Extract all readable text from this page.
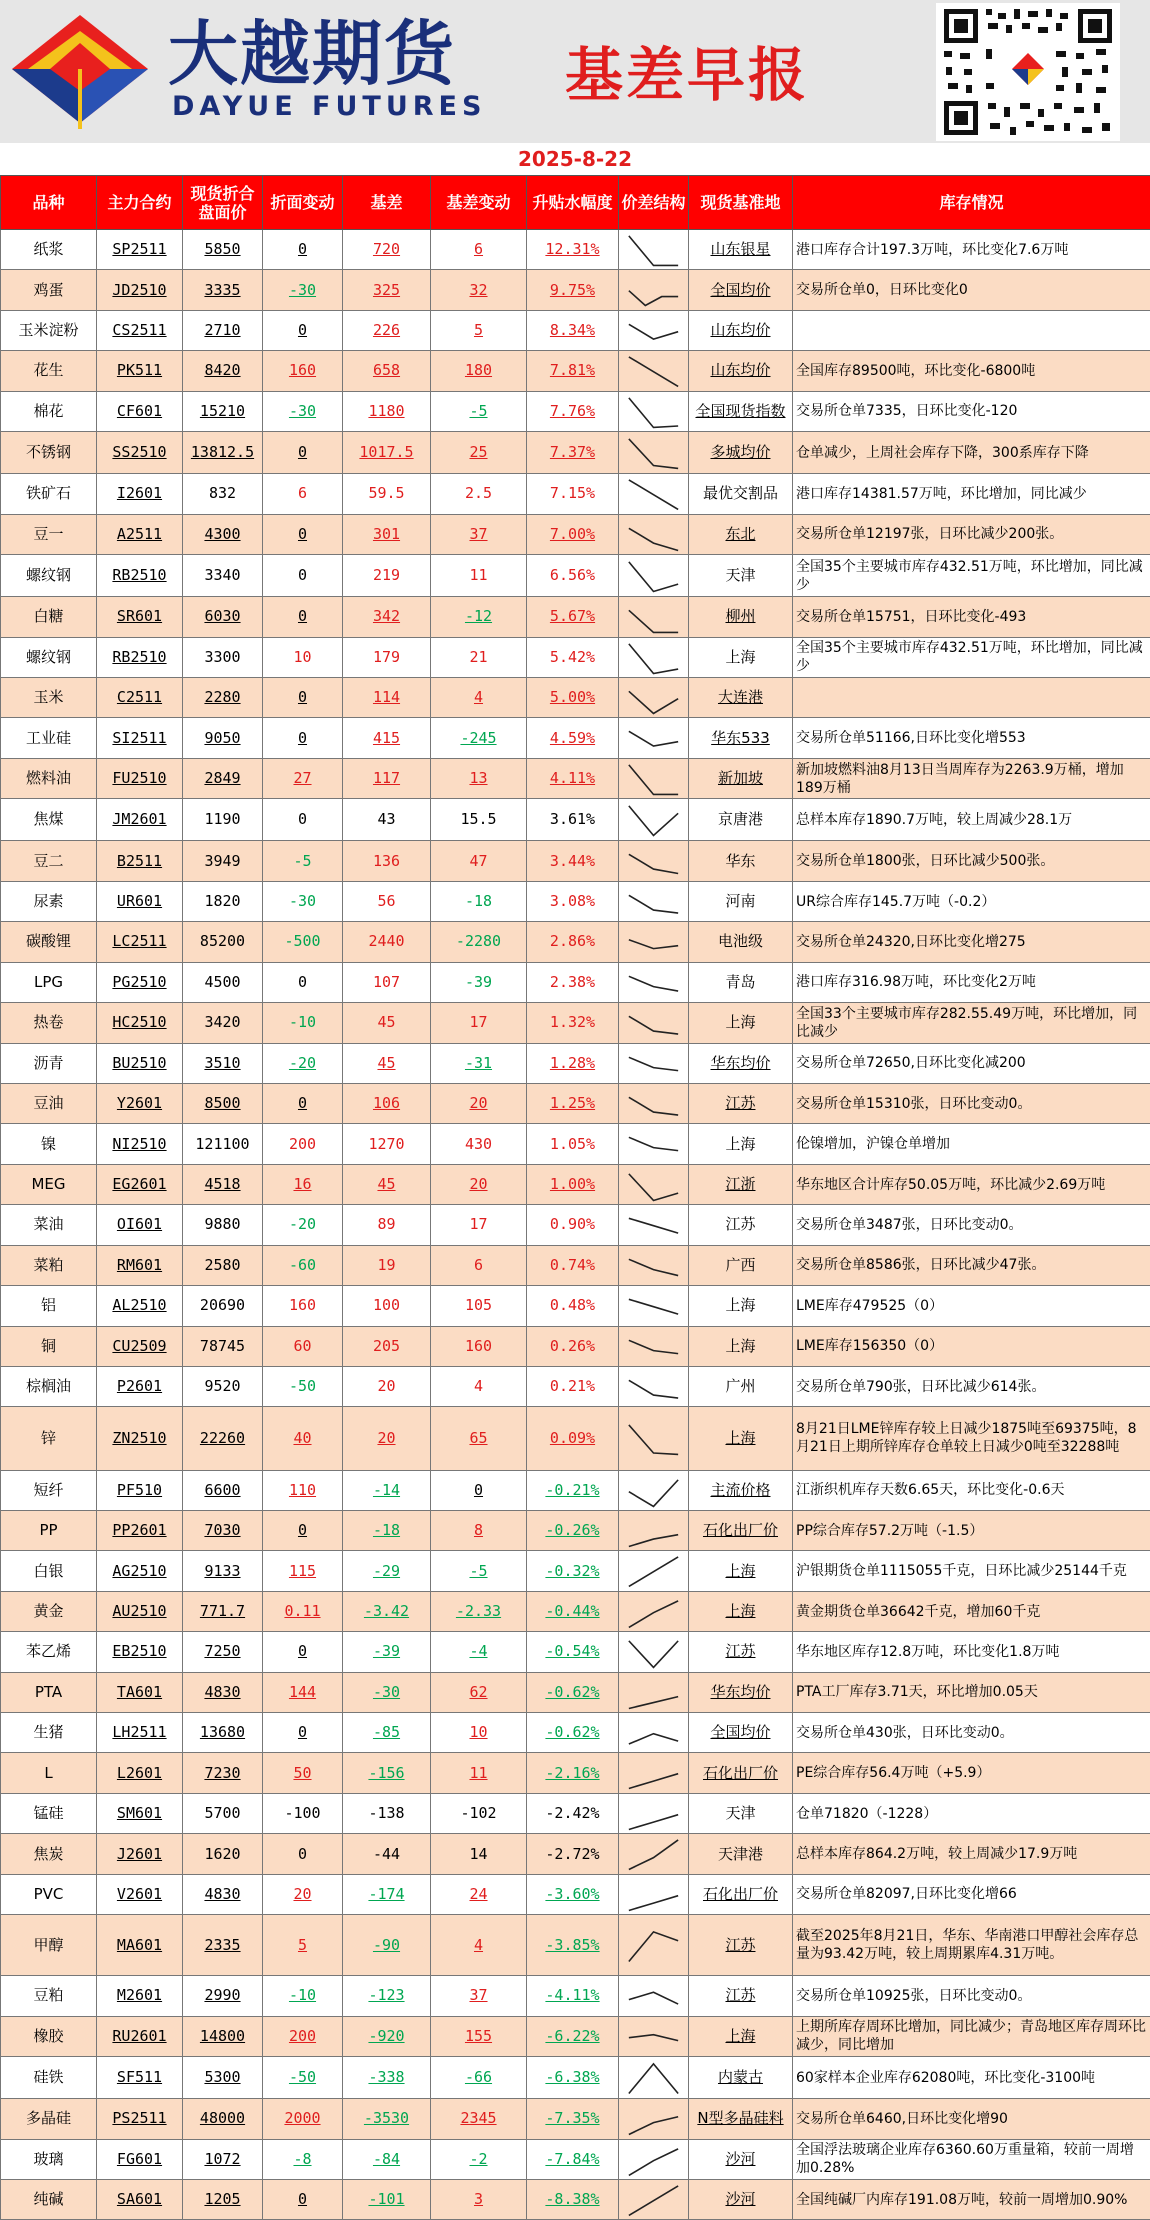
大越期货
DAYUE FUTURES 基差早报
2025-8-22
品种	主力合约	现货折合盘面价	折面变动	基差	基差变动	升贴水幅度	价差结构	现货基准地	库存情况
纸浆	SP2511	5850	0	720	6	12.31%		山东银星	港口库存合计197.3万吨，环比变化7.6万吨
鸡蛋	JD2510	3335	-30	325	32	9.75%		全国均价	交易所仓单0，日环比变化0
玉米淀粉	CS2511	2710	0	226	5	8.34%		山东均价	
花生	PK511	8420	160	658	180	7.81%		山东均价	全国库存89500吨，环比变化-6800吨
棉花	CF601	15210	-30	1180	-5	7.76%		全国现货指数	交易所仓单7335，日环比变化-120
不锈钢	SS2510	13812.5	0	1017.5	25	7.37%		多城均价	仓单减少，上周社会库存下降，300系库存下降
铁矿石	I2601	832	6	59.5	2.5	7.15%		最优交割品	港口库存14381.57万吨，环比增加，同比减少
豆一	A2511	4300	0	301	37	7.00%		东北	交易所仓单12197张，日环比减少200张。
螺纹钢	RB2510	3340	0	219	11	6.56%		天津	全国35个主要城市库存432.51万吨，环比增加，同比减少
白糖	SR601	6030	0	342	-12	5.67%		柳州	交易所仓单15751，日环比变化-493
螺纹钢	RB2510	3300	10	179	21	5.42%		上海	全国35个主要城市库存432.51万吨，环比增加，同比减少
玉米	C2511	2280	0	114	4	5.00%		大连港	
工业硅	SI2511	9050	0	415	-245	4.59%		华东533	交易所仓单51166,日环比变化增553
燃料油	FU2510	2849	27	117	13	4.11%		新加坡	新加坡燃料油8月13日当周库存为2263.9万桶，增加189万桶
焦煤	JM2601	1190	0	43	15.5	3.61%		京唐港	总样本库存1890.7万吨，较上周减少28.1万
豆二	B2511	3949	-5	136	47	3.44%		华东	交易所仓单1800张，日环比减少500张。
尿素	UR601	1820	-30	56	-18	3.08%		河南	UR综合库存145.7万吨（-0.2）
碳酸锂	LC2511	85200	-500	2440	-2280	2.86%		电池级	交易所仓单24320,日环比变化增275
LPG	PG2510	4500	0	107	-39	2.38%		青岛	港口库存316.98万吨，环比变化2万吨
热卷	HC2510	3420	-10	45	17	1.32%		上海	全国33个主要城市库存282.55.49万吨，环比增加，同比减少
沥青	BU2510	3510	-20	45	-31	1.28%		华东均价	交易所仓单72650,日环比变化减200
豆油	Y2601	8500	0	106	20	1.25%		江苏	交易所仓单15310张，日环比变动0。
镍	NI2510	121100	200	1270	430	1.05%		上海	伦镍增加，沪镍仓单增加
MEG	EG2601	4518	16	45	20	1.00%		江浙	华东地区合计库存50.05万吨，环比减少2.69万吨
菜油	OI601	9880	-20	89	17	0.90%		江苏	交易所仓单3487张，日环比变动0。
菜粕	RM601	2580	-60	19	6	0.74%		广西	交易所仓单8586张，日环比减少47张。
铝	AL2510	20690	160	100	105	0.48%		上海	LME库存479525（0）
铜	CU2509	78745	60	205	160	0.26%		上海	LME库存156350（0）
棕榈油	P2601	9520	-50	20	4	0.21%		广州	交易所仓单790张，日环比减少614张。
锌	ZN2510	22260	40	20	65	0.09%		上海	8月21日LME锌库存较上日减少1875吨至69375吨，8月21日上期所锌库存仓单较上日减少0吨至32288吨
短纤	PF510	6600	110	-14	0	-0.21%		主流价格	江浙织机库存天数6.65天，环比变化-0.6天
PP	PP2601	7030	0	-18	8	-0.26%		石化出厂价	PP综合库存57.2万吨（-1.5）
白银	AG2510	9133	115	-29	-5	-0.32%		上海	沪银期货仓单1115055千克，日环比减少25144千克
黄金	AU2510	771.7	0.11	-3.42	-2.33	-0.44%		上海	黄金期货仓单36642千克，增加60千克
苯乙烯	EB2510	7250	0	-39	-4	-0.54%		江苏	华东地区库存12.8万吨，环比变化1.8万吨
PTA	TA601	4830	144	-30	62	-0.62%		华东均价	PTA工厂库存3.71天，环比增加0.05天
生猪	LH2511	13680	0	-85	10	-0.62%		全国均价	交易所仓单430张，日环比变动0。
L	L2601	7230	50	-156	11	-2.16%		石化出厂价	PE综合库存56.4万吨（+5.9）
锰硅	SM601	5700	-100	-138	-102	-2.42%		天津	仓单71820（-1228）
焦炭	J2601	1620	0	-44	14	-2.72%		天津港	总样本库存864.2万吨，较上周减少17.9万吨
PVC	V2601	4830	20	-174	24	-3.60%		石化出厂价	交易所仓单82097,日环比变化增66
甲醇	MA601	2335	5	-90	4	-3.85%		江苏	截至2025年8月21日，华东、华南港口甲醇社会库存总量为93.42万吨，较上周期累库4.31万吨。
豆粕	M2601	2990	-10	-123	37	-4.11%		江苏	交易所仓单10925张，日环比变动0。
橡胶	RU2601	14800	200	-920	155	-6.22%		上海	上期所库存周环比增加，同比减少；青岛地区库存周环比减少，同比增加
硅铁	SF511	5300	-50	-338	-66	-6.38%		内蒙古	60家样本企业库存62080吨，环比变化-3100吨
多晶硅	PS2511	48000	2000	-3530	2345	-7.35%		N型多晶硅料	交易所仓单6460,日环比变化增90
玻璃	FG601	1072	-8	-84	-2	-7.84%		沙河	全国浮法玻璃企业库存6360.60万重量箱，较前一周增加0.28%
纯碱	SA601	1205	0	-101	3	-8.38%		沙河	全国纯碱厂内库存191.08万吨，较前一周增加0.90%
